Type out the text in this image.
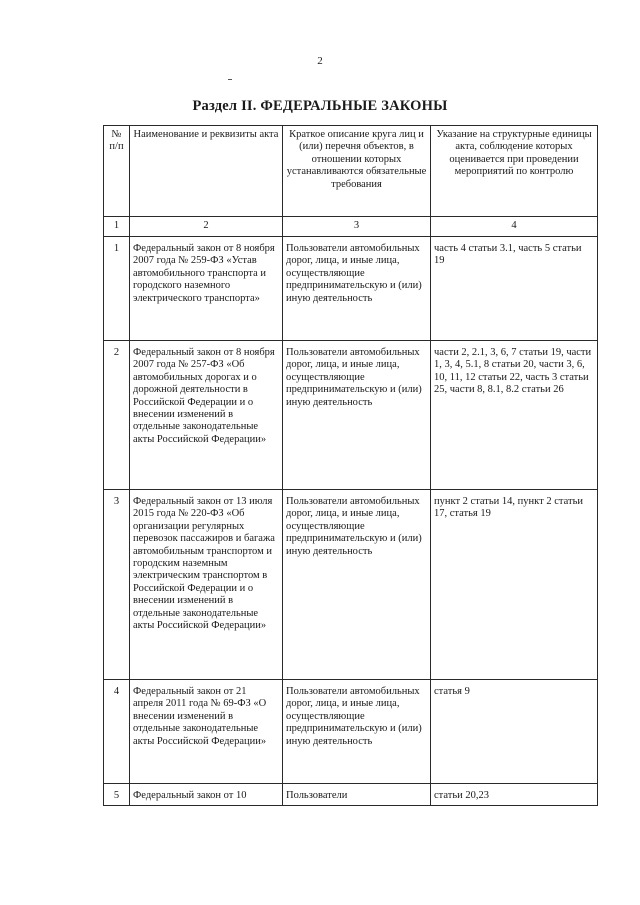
2
Раздел II. ФЕДЕРАЛЬНЫЕ ЗАКОНЫ
№ п/п	Наименование и реквизиты акта	Краткое описание круга лиц и (или) перечня объектов, в отношении которых устанавливаются обязательные требования	Указание на структурные единицы акта, соблюдение которых оценивается при проведении мероприятий по контролю
1	2	3	4
1	Федеральный закон от 8 ноября 2007 года № 259-ФЗ «Устав автомобильного транспорта и городского наземного электрического транспорта»	Пользователи автомобильных дорог, лица, и иные лица, осуществляющие предпринимательскую и (или) иную деятельность	часть 4 статьи 3.1, часть 5 статьи 19
2	Федеральный закон от 8 ноября 2007 года № 257-ФЗ «Об автомобильных дорогах и о дорожной деятельности в Российской Федерации и о внесении изменений в отдельные законодательные акты Российской Федерации»	Пользователи автомобильных дорог, лица, и иные лица, осуществляющие предпринимательскую и (или) иную деятельность	части 2, 2.1, 3, 6, 7 статьи 19, части 1, 3, 4, 5.1, 8 статьи 20, части 3, 6, 10, 11, 12 статьи 22, часть 3 статьи 25, части 8, 8.1, 8.2 статьи 26
3	Федеральный закон от 13 июля 2015 года № 220-ФЗ «Об организации регулярных перевозок пассажиров и багажа автомобильным транспортом и городским наземным электрическим транспортом в Российской Федерации и о внесении изменений в отдельные законодательные акты Российской Федерации»	Пользователи автомобильных дорог, лица, и иные лица, осуществляющие предпринимательскую и (или) иную деятельность	пункт 2 статьи 14, пункт 2 статьи 17, статья 19
4	Федеральный закон от 21 апреля 2011 года № 69-ФЗ «О внесении изменений в отдельные законодательные акты Российской Федерации»	Пользователи автомобильных дорог, лица, и иные лица, осуществляющие предпринимательскую и (или) иную деятельность	статья 9
5	Федеральный закон от 10	Пользователи	статьи 20,23
